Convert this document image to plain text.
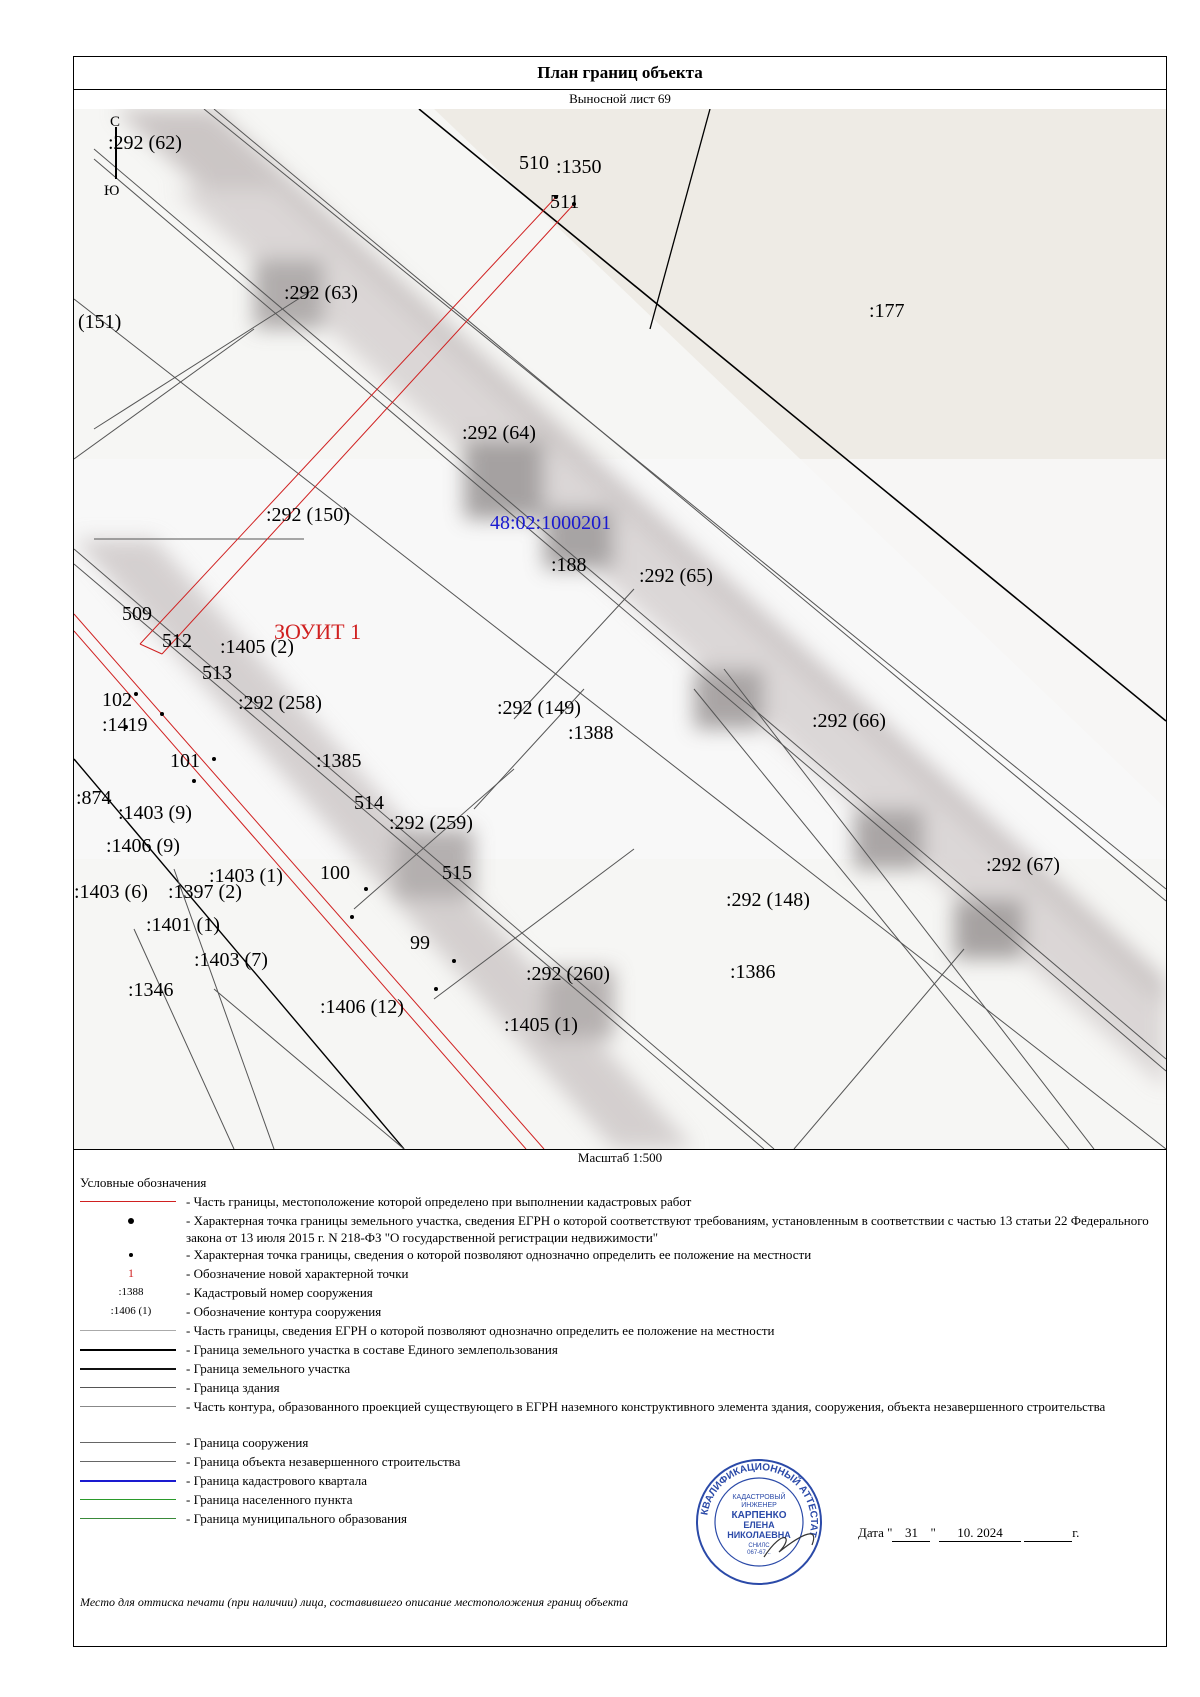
План границ объекта
Выносной лист 69
С
Ю
:292 (62)
:292 (63)
:292 (64)
:292 (65)
:292 (66)
:292 (67)
:292 (150)
:292 (149)
:292 (148)
:292 (258)
:292 (259)
:292 (260)
510 :1350
511
:177
(151)
509
512
513
102
:1419
101
:1405 (2)
:188
:1388
:1385
514
515
100
99
:874
:1403 (9)
:1406 (9)
:1403 (1)
:1403 (6) :1397 (2)
:1401 (1)
:1403 (7)
:1346
:1406 (12)
:1386
:1405 (1)
48:02:1000201
ЗОУИТ 1
Масштаб 1:500
Условные обозначения
- Часть границы, местоположение которой определено при выполнении кадастровых работ
- Характерная точка границы земельного участка, сведения ЕГРН о которой соответствуют требованиям, установленным в соответствии с частью 13 статьи 22 Федерального закона от 13 июля 2015 г. N 218-ФЗ "О государственной регистрации недвижимости"
- Характерная точка границы, сведения о которой позволяют однозначно определить ее положение на местности
1	- Обозначение новой характерной точки
:1388	- Кадастровый номер сооружения
:1406 (1)	- Обозначение контура сооружения
- Часть границы, сведения ЕГРН о которой позволяют однозначно определить ее положение на местности
- Граница земельного участка в составе Единого землепользования
- Граница земельного участка
- Граница здания
- Часть контура, образованного проекцией существующего в ЕГРН наземного конструктивного элемента здания, сооружения, объекта незавершенного строительства
- Граница сооружения
- Граница объекта незавершенного строительства
- Граница кадастрового квартала
- Граница населенного пункта
- Граница муниципального образования	КВАЛИФИКАЦИОННЫЙ АТТЕСТАТ
КАДАСТРОВЫЙ
ИНЖЕНЕР
КАРПЕНКО
ЕЛЕНА
НИКОЛАЕВНА
СНИЛС
067-67...
Дата " 31 " 10. 2024	г.
Место для оттиска печати (при наличии) лица, составившего описание местоположения границ объекта
